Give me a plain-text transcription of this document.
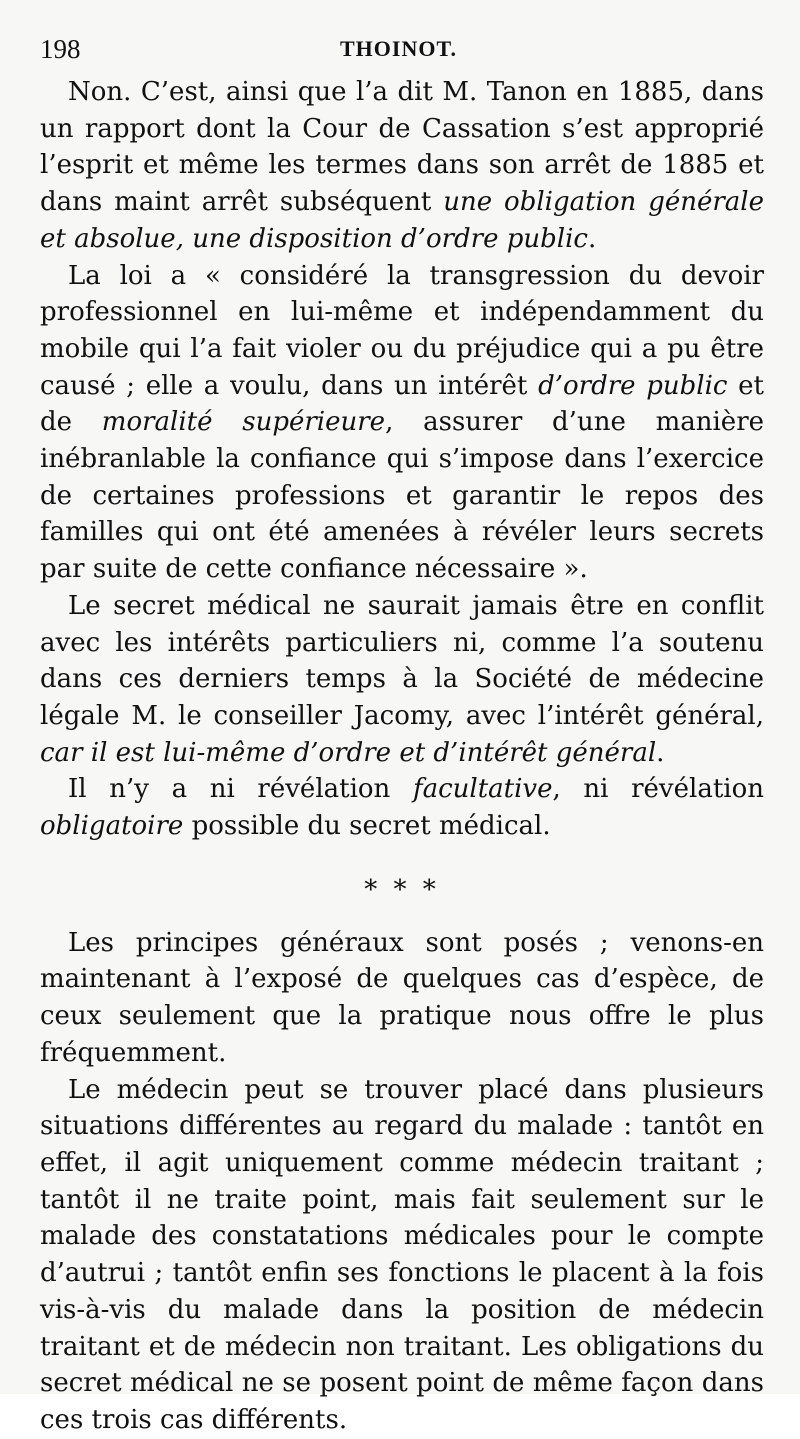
198	THOINOT.

Non. C’est, ainsi que l’a dit M. Tanon en 1885, dans un rapport dont la Cour de Cassation s’est approprié l’esprit et même les termes dans son arrêt de 1885 et dans maint arrêt subséquent une obligation générale et absolue, une disposition d’ordre public.

La loi a « considéré la transgression du devoir professionnel en lui-même et indépendamment du mobile qui l’a fait violer ou du préjudice qui a pu être causé ; elle a voulu, dans un intérêt d’ordre public et de moralité supérieure, assurer d’une manière inébranlable la confiance qui s’impose dans l’exercice de certaines professions et garantir le repos des familles qui ont été amenées à révéler leurs secrets par suite de cette confiance nécessaire ».

Le secret médical ne saurait jamais être en conflit avec les intérêts particuliers ni, comme l’a soutenu dans ces derniers temps à la Société de médecine légale M. le conseiller Jacomy, avec l’intérêt général, car il est lui-même d’ordre et d’intérêt général.

Il n’y a ni révélation facultative, ni révélation obligatoire possible du secret médical.

* * *

Les principes généraux sont posés ; venons-en maintenant à l’exposé de quelques cas d’espèce, de ceux seulement que la pratique nous offre le plus fréquemment.

Le médecin peut se trouver placé dans plusieurs situations différentes au regard du malade : tantôt en effet, il agit uniquement comme médecin traitant ; tantôt il ne traite point, mais fait seulement sur le malade des constatations médicales pour le compte d’autrui ; tantôt enfin ses fonctions le placent à la fois vis-à-vis du malade dans la position de médecin traitant et de médecin non traitant. Les obligations du secret médical ne se posent point de même façon dans ces trois cas différents.
